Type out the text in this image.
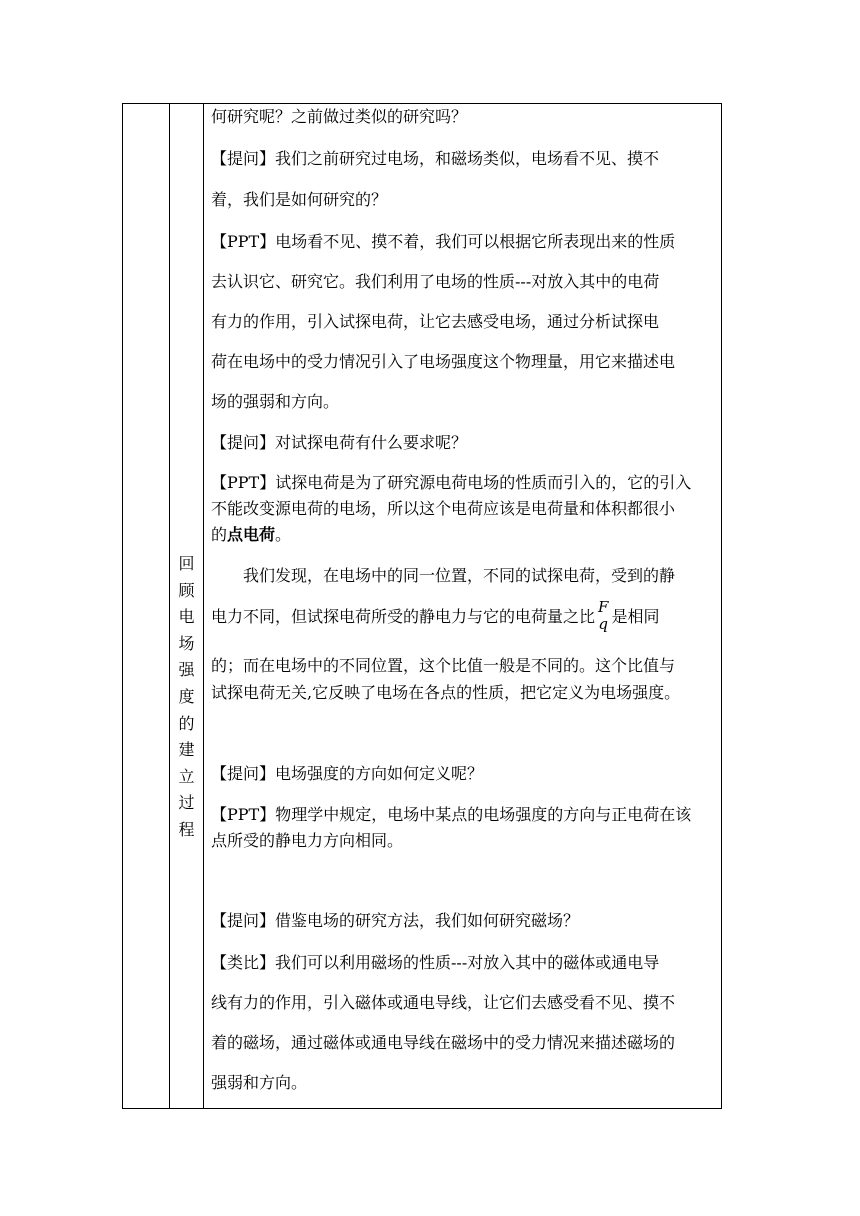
回
顾
电
场
强
度
的
建
立
过
程
何研究呢？之前做过类似的研究吗？
【提问】我们之前研究过电场，和磁场类似，电场看不见、摸不
着，我们是如何研究的？
【PPT】电场看不见、摸不着，我们可以根据它所表现出来的性质
去认识它、研究它。我们利用了电场的性质---对放入其中的电荷
有力的作用，引入试探电荷，让它去感受电场，通过分析试探电
荷在电场中的受力情况引入了电场强度这个物理量，用它来描述电
场的强弱和方向。
【提问】对试探电荷有什么要求呢？
【PPT】试探电荷是为了研究源电荷电场的性质而引入的，它的引入
不能改变源电荷的电场，所以这个电荷应该是电荷量和体积都很小
的点电荷。
我们发现，在电场中的同一位置，不同的试探电荷，受到的静
电力不同，但试探电荷所受的静电力与它的电荷量之比
F
q 是相同
的；而在电场中的不同位置，这个比值一般是不同的。这个比值与
试探电荷无关,它反映了电场在各点的性质，把它定义为电场强度。
【提问】电场强度的方向如何定义呢？
【PPT】物理学中规定，电场中某点的电场强度的方向与正电荷在该
点所受的静电力方向相同。
【提问】借鉴电场的研究方法，我们如何研究磁场？
【类比】我们可以利用磁场的性质---对放入其中的磁体或通电导
线有力的作用，引入磁体或通电导线，让它们去感受看不见、摸不
着的磁场，通过磁体或通电导线在磁场中的受力情况来描述磁场的
强弱和方向。
